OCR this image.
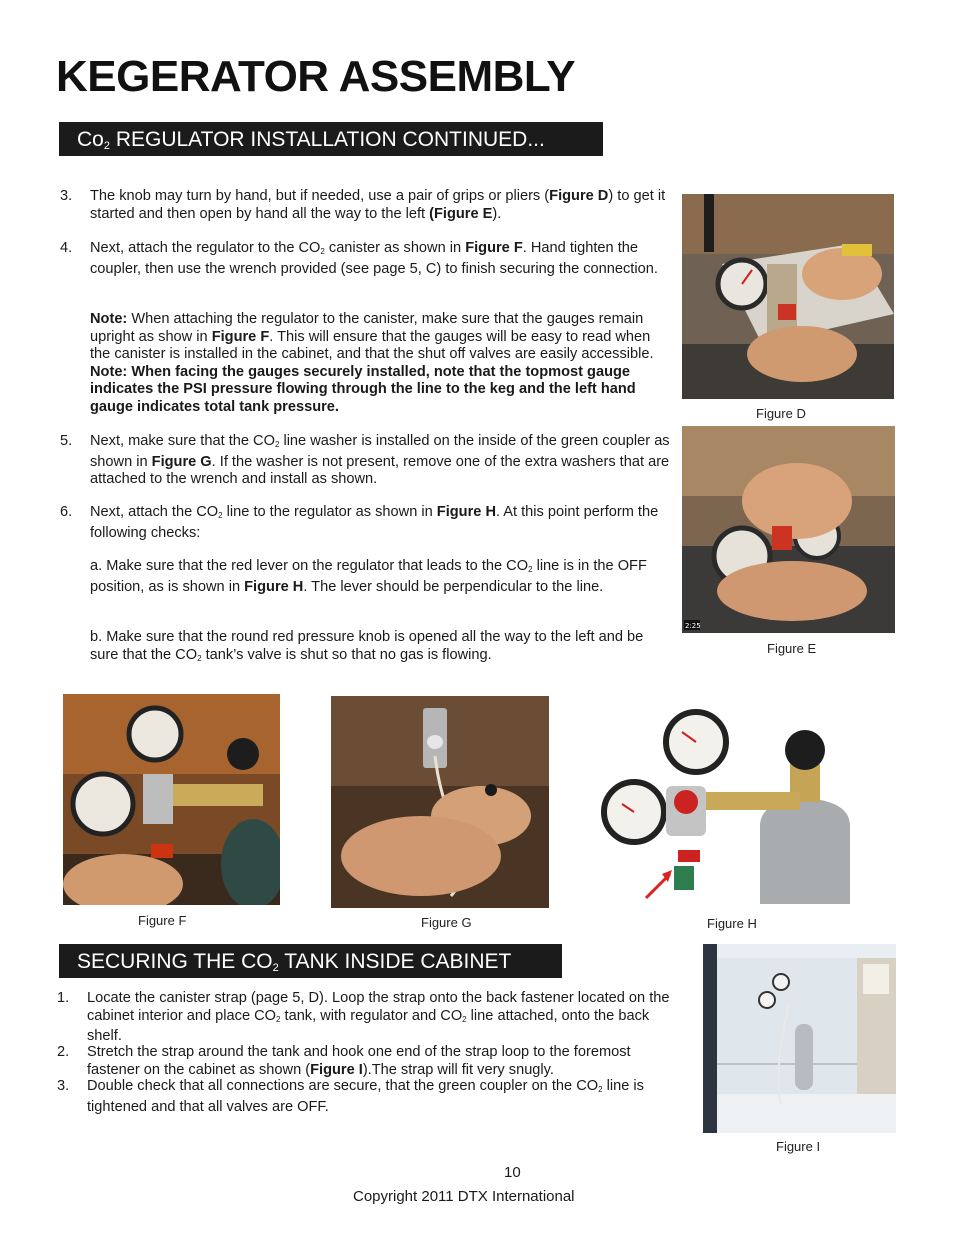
KEGERATOR ASSEMBLY
$Co_2$ REGULATOR INSTALLATION CONTINUED...
3. The knob may turn by hand, but if needed, use a pair of grips or pliers (Figure D) to get it started and then open by hand all the way to the left (Figure E).

4. Next, attach the regulator to the $CO_2$ canister as shown in Figure F. Hand tighten the coupler, then use the wrench provided (see page 5, C) to finish securing the connection.

Note: When attaching the regulator to the canister, make sure that the gauges remain upright as show in Figure F. This will ensure that the gauges will be easy to read when the canister is installed in the cabinet, and that the shut off valves are easily accessible. Note: When facing the gauges securely installed, note that the topmost gauge indicates the PSI pressure flowing through the line to the keg and the left hand gauge indicates total tank pressure.

5. Next, make sure that the $CO_2$ line washer is installed on the inside of the green coupler as shown in Figure G. If the washer is not present, remove one of the extra washers that are attached to the wrench and install as shown.

6. Next, attach the $CO_2$ line to the regulator as shown in Figure H. At this point perform the following checks:

a. Make sure that the red lever on the regulator that leads to the $CO_2$ line is in the OFF position, as is shown in Figure H. The lever should be perpendicular to the line.

b. Make sure that the round red pressure knob is opened all the way to the left and be sure that the $CO_2$ tank’s valve is shut so that no gas is flowing.

Figure D
2:25
Figure E
Figure F	Figure G	Figure H
SECURING THE $CO_2$ TANK INSIDE CABINET
1. Locate the canister strap (page 5, D). Loop the strap onto the back fastener located on the cabinet interior and place $CO_2$ tank, with regulator and $CO_2$ line attached, onto the back shelf.

2. Stretch the strap around the tank and hook one end of the strap loop to the foremost fastener on the cabinet as shown (Figure I).The strap will fit very snugly.

3. Double check that all connections are secure, that the green coupler on the $CO_2$ line is tightened and that all valves are OFF.

Figure I
10
Copyright 2011 DTX International
